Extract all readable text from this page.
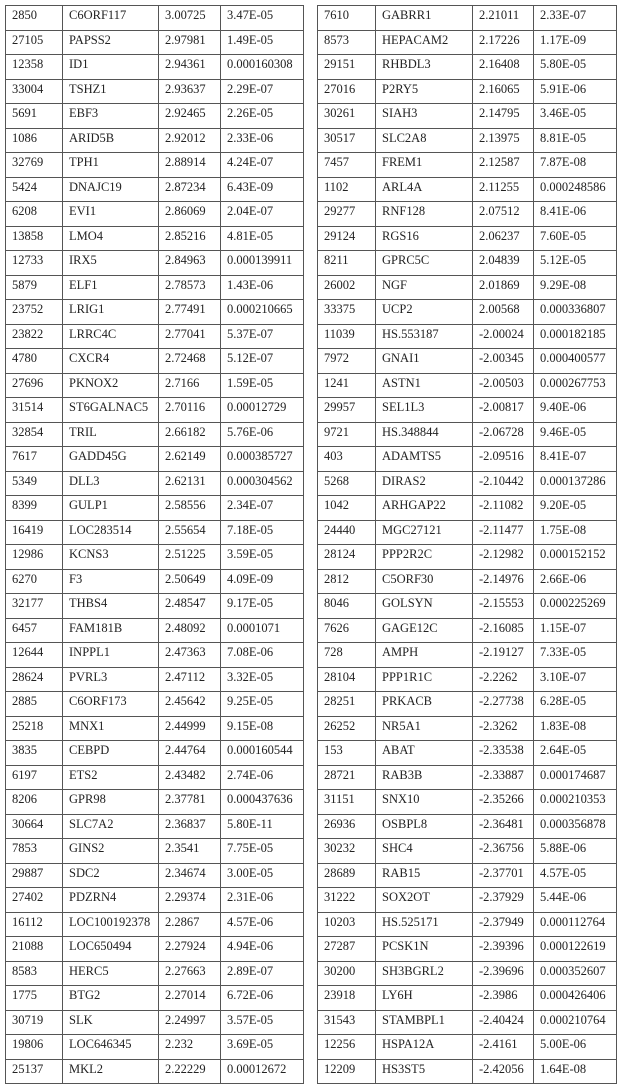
2850	C6ORF117	3.00725	3.47E-05
27105	PAPSS2	2.97981	1.49E-05
12358	ID1	2.94361	0.000160308
33004	TSHZ1	2.93637	2.29E-07
5691	EBF3	2.92465	2.26E-05
1086	ARID5B	2.92012	2.33E-06
32769	TPH1	2.88914	4.24E-07
5424	DNAJC19	2.87234	6.43E-09
6208	EVI1	2.86069	2.04E-07
13858	LMO4	2.85216	4.81E-05
12733	IRX5	2.84963	0.000139911
5879	ELF1	2.78573	1.43E-06
23752	LRIG1	2.77491	0.000210665
23822	LRRC4C	2.77041	5.37E-07
4780	CXCR4	2.72468	5.12E-07
27696	PKNOX2	2.7166	1.59E-05
31514	ST6GALNAC5	2.70116	0.00012729
32854	TRIL	2.66182	5.76E-06
7617	GADD45G	2.62149	0.000385727
5349	DLL3	2.62131	0.000304562
8399	GULP1	2.58556	2.34E-07
16419	LOC283514	2.55654	7.18E-05
12986	KCNS3	2.51225	3.59E-05
6270	F3	2.50649	4.09E-09
32177	THBS4	2.48547	9.17E-05
6457	FAM181B	2.48092	0.0001071
12644	INPPL1	2.47363	7.08E-06
28624	PVRL3	2.47112	3.32E-05
2885	C6ORF173	2.45642	9.25E-05
25218	MNX1	2.44999	9.15E-08
3835	CEBPD	2.44764	0.000160544
6197	ETS2	2.43482	2.74E-06
8206	GPR98	2.37781	0.000437636
30664	SLC7A2	2.36837	5.80E-11
7853	GINS2	2.3541	7.75E-05
29887	SDC2	2.34674	3.00E-05
27402	PDZRN4	2.29374	2.31E-06
16112	LOC100192378	2.2867	4.57E-06
21088	LOC650494	2.27924	4.94E-06
8583	HERC5	2.27663	2.89E-07
1775	BTG2	2.27014	6.72E-06
30719	SLK	2.24997	3.57E-05
19806	LOC646345	2.232	3.69E-05
25137	MKL2	2.22229	0.00012672
7610	GABRR1	2.21011	2.33E-07
8573	HEPACAM2	2.17226	1.17E-09
29151	RHBDL3	2.16408	5.80E-05
27016	P2RY5	2.16065	5.91E-06
30261	SIAH3	2.14795	3.46E-05
30517	SLC2A8	2.13975	8.81E-05
7457	FREM1	2.12587	7.87E-08
1102	ARL4A	2.11255	0.000248586
29277	RNF128	2.07512	8.41E-06
29124	RGS16	2.06237	7.60E-05
8211	GPRC5C	2.04839	5.12E-05
26002	NGF	2.01869	9.29E-08
33375	UCP2	2.00568	0.000336807
11039	HS.553187	-2.00024	0.000182185
7972	GNAI1	-2.00345	0.000400577
1241	ASTN1	-2.00503	0.000267753
29957	SEL1L3	-2.00817	9.40E-06
9721	HS.348844	-2.06728	9.46E-05
403	ADAMTS5	-2.09516	8.41E-07
5268	DIRAS2	-2.10442	0.000137286
1042	ARHGAP22	-2.11082	9.20E-05
24440	MGC27121	-2.11477	1.75E-08
28124	PPP2R2C	-2.12982	0.000152152
2812	C5ORF30	-2.14976	2.66E-06
8046	GOLSYN	-2.15553	0.000225269
7626	GAGE12C	-2.16085	1.15E-07
728	AMPH	-2.19127	7.33E-05
28104	PPP1R1C	-2.2262	3.10E-07
28251	PRKACB	-2.27738	6.28E-05
26252	NR5A1	-2.3262	1.83E-08
153	ABAT	-2.33538	2.64E-05
28721	RAB3B	-2.33887	0.000174687
31151	SNX10	-2.35266	0.000210353
26936	OSBPL8	-2.36481	0.000356878
30232	SHC4	-2.36756	5.88E-06
28689	RAB15	-2.37701	4.57E-05
31222	SOX2OT	-2.37929	5.44E-06
10203	HS.525171	-2.37949	0.000112764
27287	PCSK1N	-2.39396	0.000122619
30200	SH3BGRL2	-2.39696	0.000352607
23918	LY6H	-2.3986	0.000426406
31543	STAMBPL1	-2.40424	0.000210764
12256	HSPA12A	-2.4161	5.00E-06
12209	HS3ST5	-2.42056	1.64E-08
